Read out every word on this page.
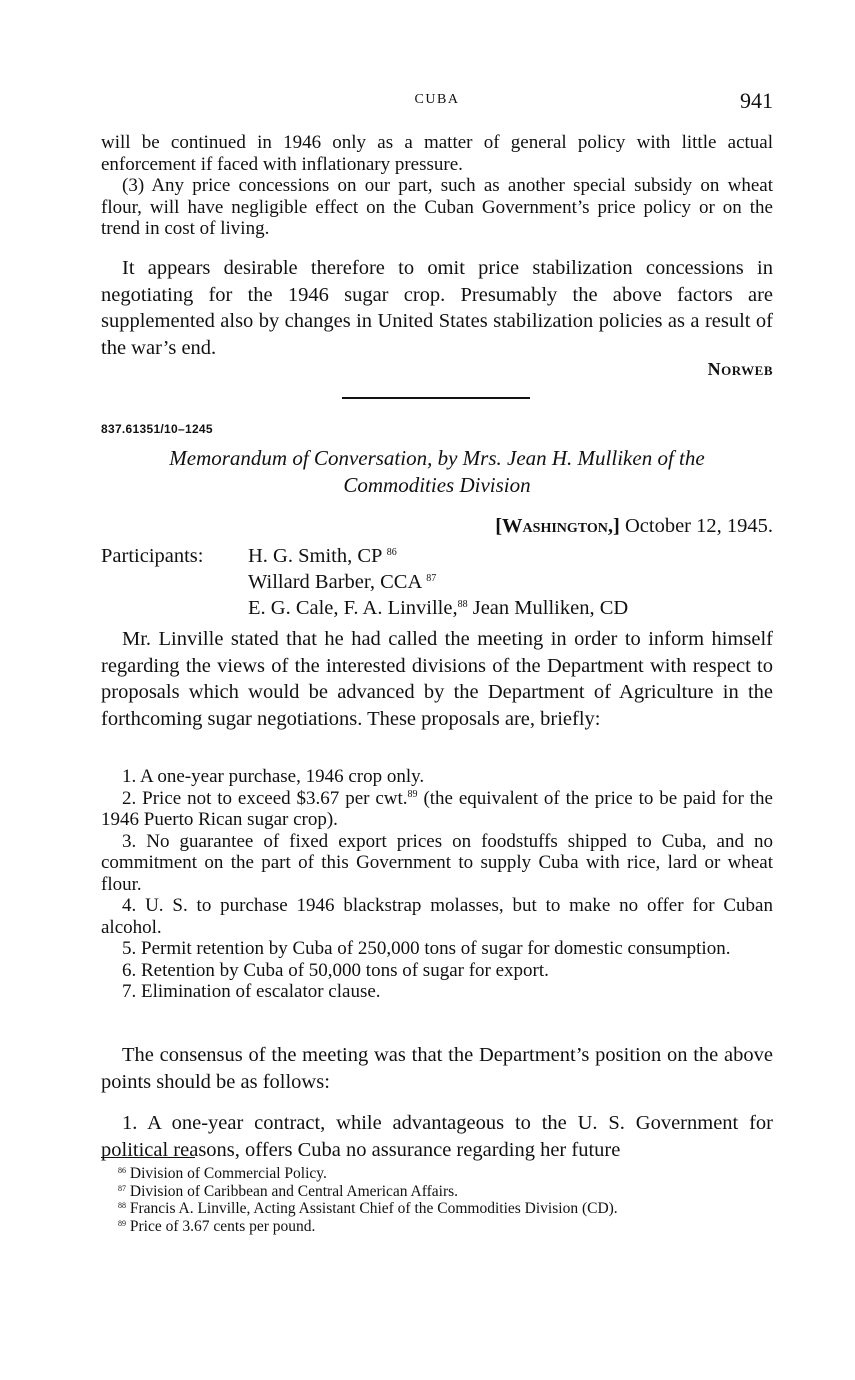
CUBA	941

will be continued in 1946 only as a matter of general policy with little actual enforcement if faced with inflationary pressure.

(3) Any price concessions on our part, such as another special subsidy on wheat flour, will have negligible effect on the Cuban Government’s price policy or on the trend in cost of living.

It appears desirable therefore to omit price stabilization concessions in negotiating for the 1946 sugar crop. Presumably the above factors are supplemented also by changes in United States stabilization policies as a result of the war’s end.

Norweb
837.61351/10–1245
Memorandum of Conversation, by Mrs. Jean H. Mulliken of the
Commodities Division
[Washington,] October 12, 1945.
Participants: H. G. Smith, CP $^{86}$
Willard Barber, CCA $^{87}$
E. G. Cale, F. A. Linville,$^{88}$ Jean Mulliken, CD

Mr. Linville stated that he had called the meeting in order to inform himself regarding the views of the interested divisions of the Department with respect to proposals which would be advanced by the Department of Agriculture in the forthcoming sugar negotiations. These proposals are, briefly:

1. A one-year purchase, 1946 crop only.
2. Price not to exceed $3.67 per cwt.$^{89}$ (the equivalent of the price to be paid for the 1946 Puerto Rican sugar crop).
3. No guarantee of fixed export prices on foodstuffs shipped to Cuba, and no commitment on the part of this Government to supply Cuba with rice, lard or wheat flour.
4. U. S. to purchase 1946 blackstrap molasses, but to make no offer for Cuban alcohol.
5. Permit retention by Cuba of 250,000 tons of sugar for domestic consumption.
6. Retention by Cuba of 50,000 tons of sugar for export.
7. Elimination of escalator clause.

The consensus of the meeting was that the Department’s position on the above points should be as follows:

1. A one-year contract, while advantageous to the U. S. Government for political reasons, offers Cuba no assurance regarding her future

$^{86}$ Division of Commercial Policy.
$^{87}$ Division of Caribbean and Central American Affairs.
$^{88}$ Francis A. Linville, Acting Assistant Chief of the Commodities Division (CD).
$^{89}$ Price of 3.67 cents per pound.
